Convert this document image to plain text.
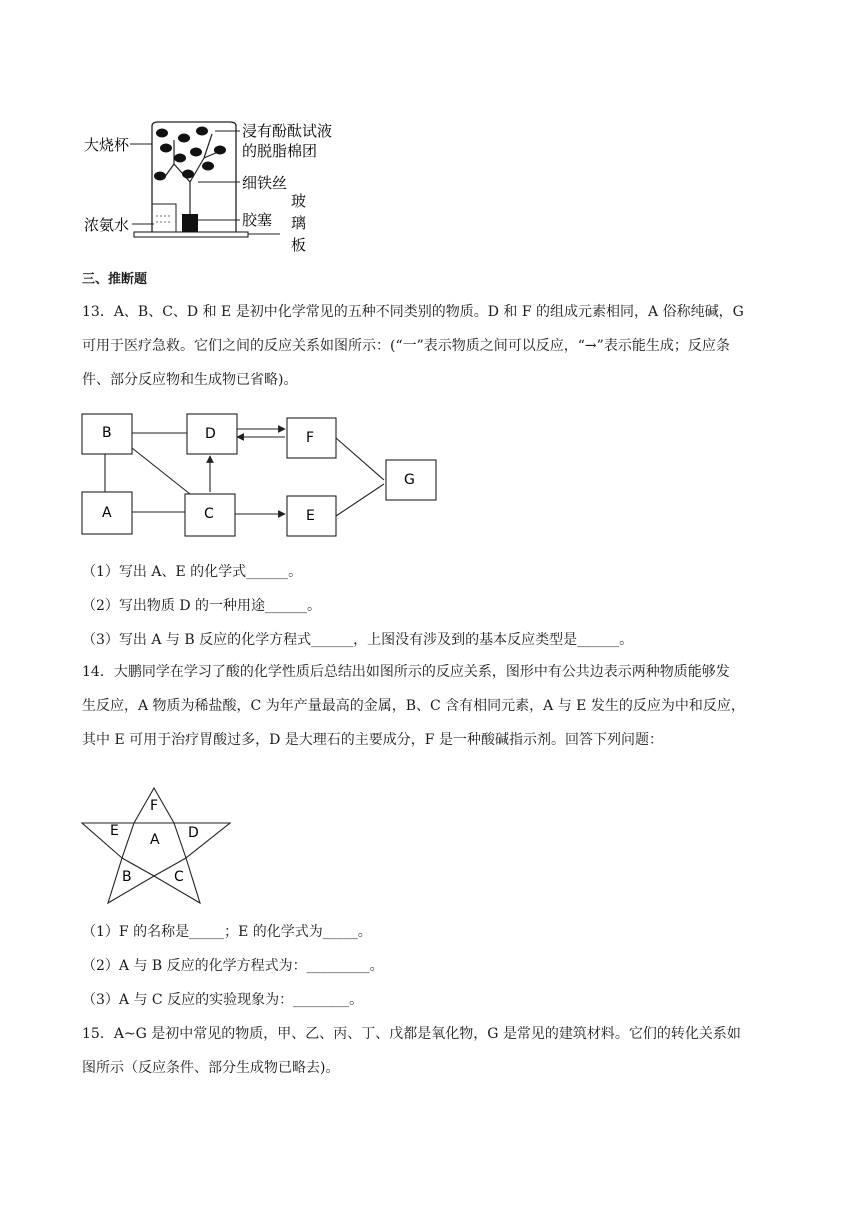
大烧杯
浸有酚酞试液
的脱脂棉团
细铁丝
浓氨水	胶塞
玻
璃
板
三、推断题
13．A、B、C、D 和 E 是初中化学常见的五种不同类别的物质。D 和 F 的组成元素相同，A 俗称纯碱，G
可用于医疗急救。它们之间的反应关系如图所示：(“一”表示物质之间可以反应，“→”表示能生成；反应条
件、部分反应物和生成物已省略)。
B	D	F
A	C	E
G
（1）写出 A、E 的化学式______。
（2）写出物质 D 的一种用途______。
（3）写出 A 与 B 反应的化学方程式______，上图没有涉及到的基本反应类型是______。
14．大鹏同学在学习了酸的化学性质后总结出如图所示的反应关系，图形中有公共边表示两种物质能够发
生反应，A 物质为稀盐酸，C 为年产量最高的金属，B、C 含有相同元素，A 与 E 发生的反应为中和反应，
其中 E 可用于治疗胃酸过多，D 是大理石的主要成分，F 是一种酸碱指示剂。回答下列问题：
F
E	D
A
B	C
（1）F 的名称是_____；E 的化学式为_____。
（2）A 与 B 反应的化学方程式为：_________。
（3）A 与 C 反应的实验现象为：________。
15．A~G 是初中常见的物质，甲、乙、丙、丁、戊都是氧化物，G 是常见的建筑材料。它们的转化关系如
图所示（反应条件、部分生成物已略去)。
